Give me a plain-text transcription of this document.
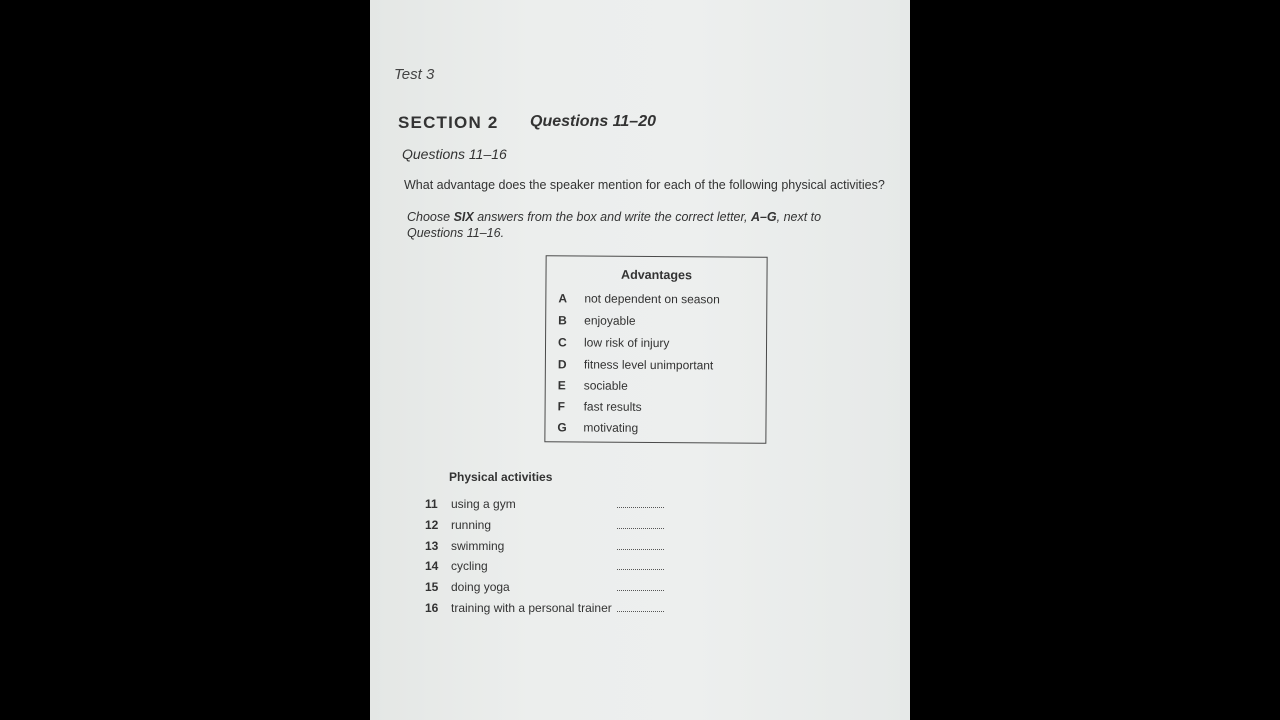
Test 3
SECTION 2 Questions 11–20
Questions 11–16
What advantage does the speaker mention for each of the following physical activities?
Choose SIX answers from the box and write the correct letter, A–G, next to Questions 11–16.
Advantages
A not dependent on season
B enjoyable
C low risk of injury
D fitness level unimportant
E sociable
F fast results
G motivating
Physical activities
11 using a gym
12 running
13 swimming
14 cycling
15 doing yoga
16 training with a personal trainer
